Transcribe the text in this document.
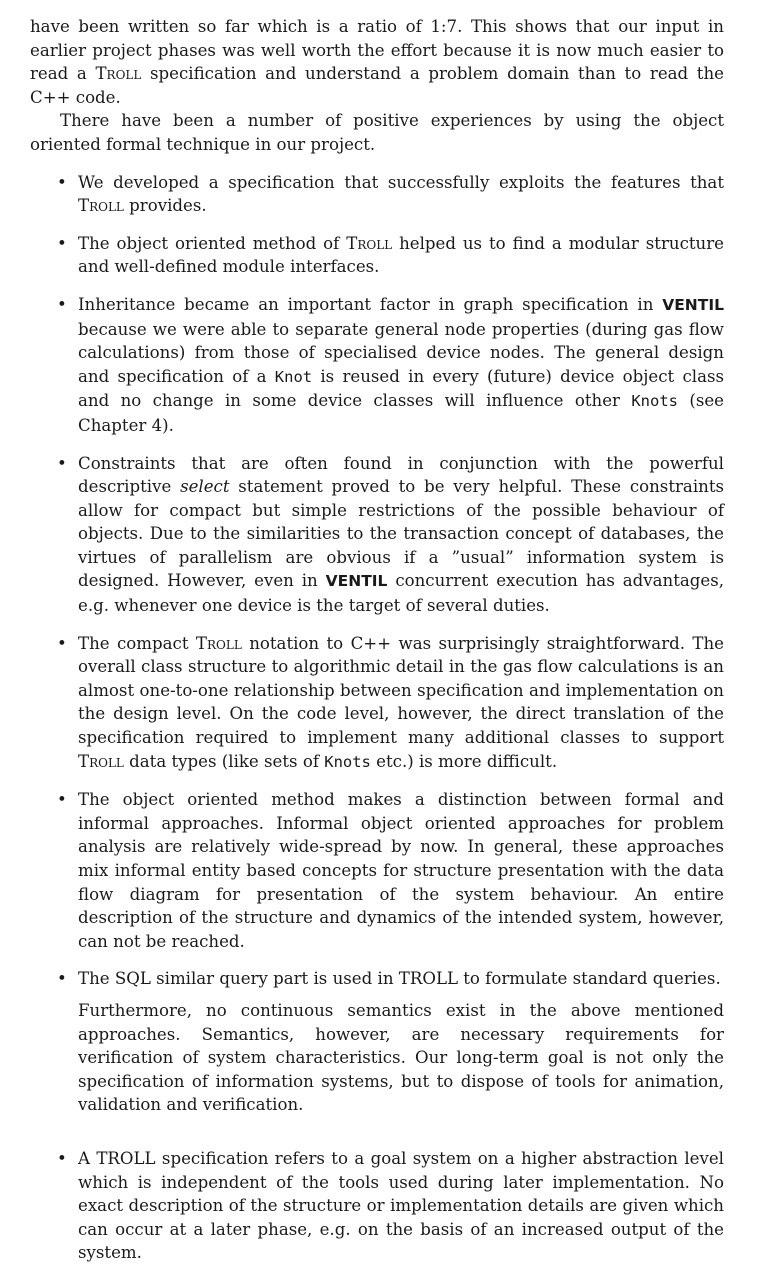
have been written so far which is a ratio of 1:7. This shows that our input in earlier project phases was well worth the effort because it is now much easier to read a Troll specification and understand a problem domain than to read the C++ code.

There have been a number of positive experiences by using the object oriented formal technique in our project.

• We developed a specification that successfully exploits the features that Troll provides.

• The object oriented method of Troll helped us to find a modular structure and well-defined module interfaces.

• Inheritance became an important factor in graph specification in VENTIL because we were able to separate general node properties (during gas flow calculations) from those of specialised device nodes. The general design and specification of a Knot is reused in every (future) device object class and no change in some device classes will influence other Knots (see Chapter 4).

• Constraints that are often found in conjunction with the powerful descriptive select statement proved to be very helpful. These constraints allow for compact but simple restrictions of the possible behaviour of objects. Due to the similarities to the transaction concept of databases, the virtues of parallelism are obvious if a ”usual” information system is designed. However, even in VENTIL concurrent execution has advantages, e.g. whenever one device is the target of several duties.

• The compact Troll notation to C++ was surprisingly straightforward. The overall class structure to algorithmic detail in the gas flow calculations is an almost one-to-one relationship between specification and implementation on the design level. On the code level, however, the direct translation of the specification required to implement many additional classes to support Troll data types (like sets of Knots etc.) is more difficult.

• The object oriented method makes a distinction between formal and informal approaches. Informal object oriented approaches for problem analysis are relatively wide-spread by now. In general, these approaches mix informal entity based concepts for structure presentation with the data flow diagram for presentation of the system behaviour. An entire description of the structure and dynamics of the intended system, however, can not be reached.

• The SQL similar query part is used in TROLL to formulate standard queries.

Furthermore, no continuous semantics exist in the above mentioned approaches. Semantics, however, are necessary requirements for verification of system characteristics. Our long-term goal is not only the specification of information systems, but to dispose of tools for animation, validation and verification.

• A TROLL specification refers to a goal system on a higher abstraction level which is independent of the tools used during later implementation. No exact description of the structure or implementation details are given which can occur at a later phase, e.g. on the basis of an increased output of the system.
